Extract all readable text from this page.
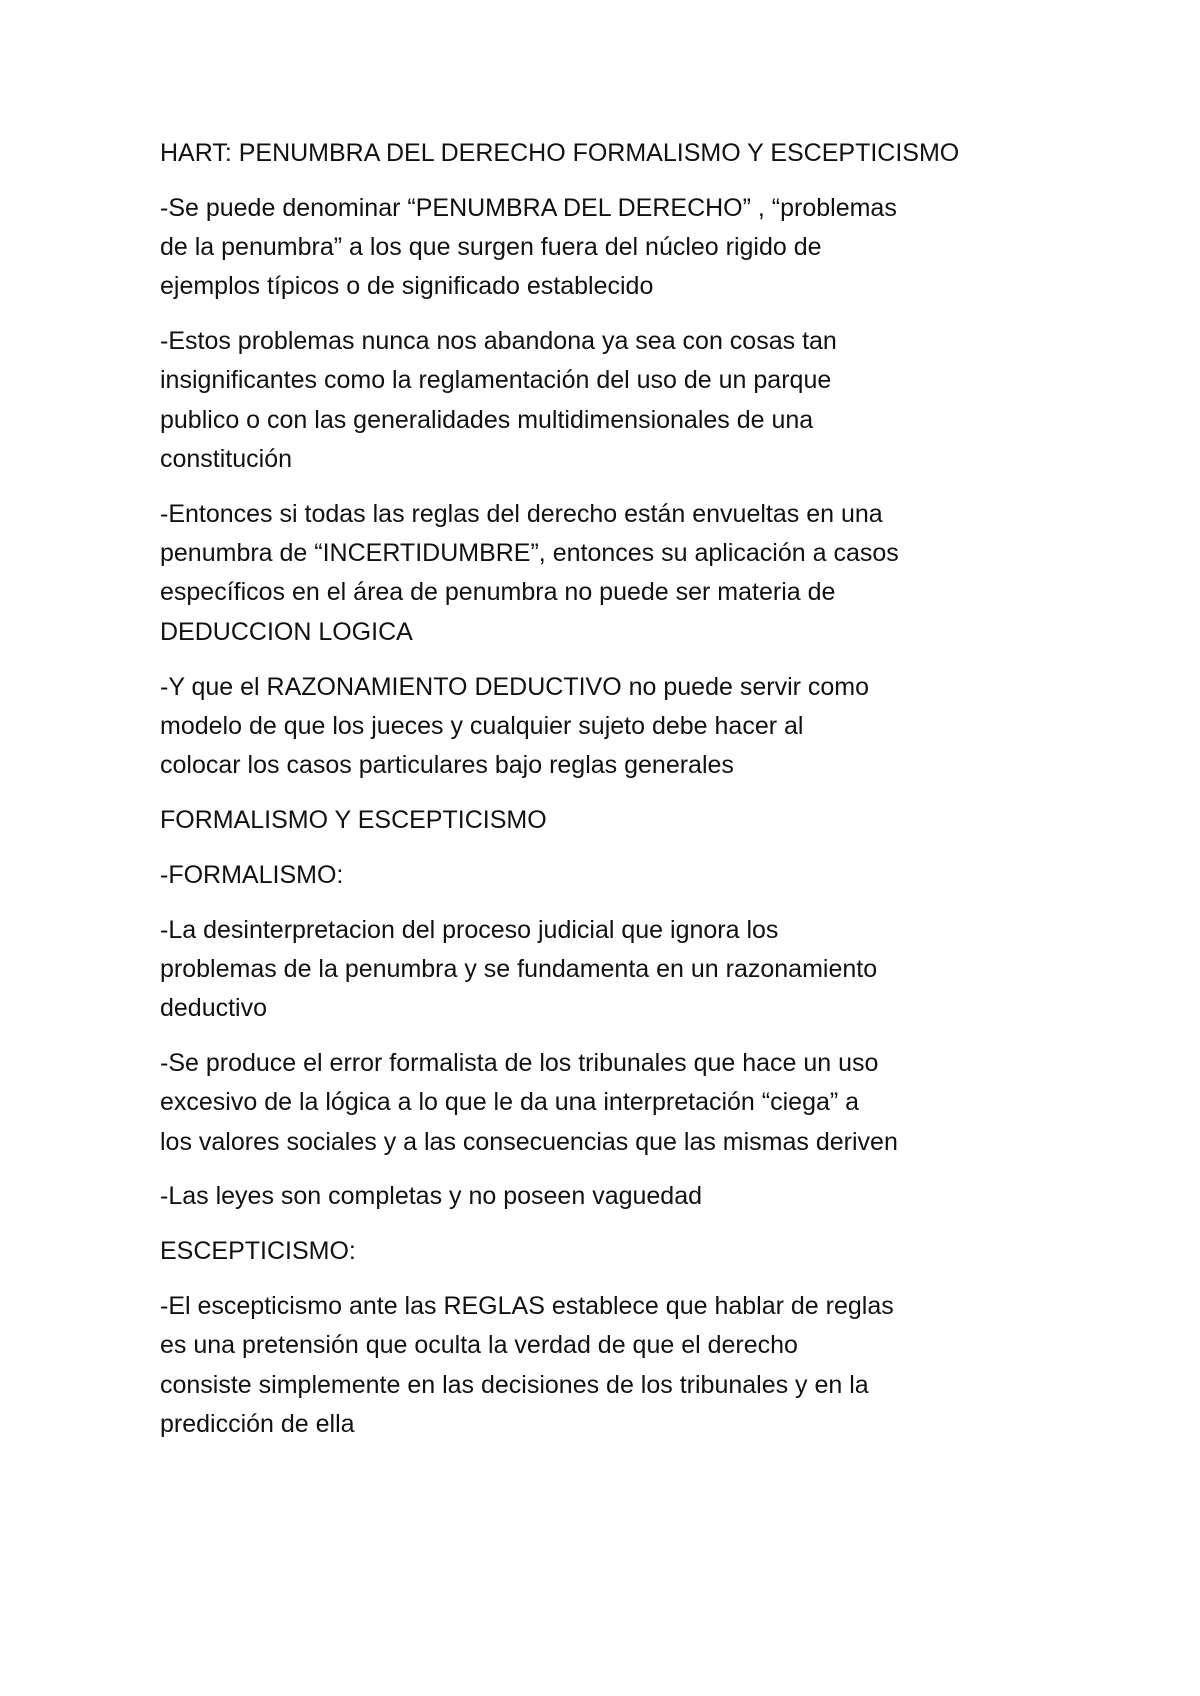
HART: PENUMBRA DEL DERECHO FORMALISMO Y ESCEPTICISMO

-Se puede denominar “PENUMBRA DEL DERECHO” , “problemas
de la penumbra” a los que surgen fuera del núcleo rigido de
ejemplos típicos o de significado establecido

-Estos problemas nunca nos abandona ya sea con cosas tan
insignificantes como la reglamentación del uso de un parque
publico o con las generalidades multidimensionales de una
constitución

-Entonces si todas las reglas del derecho están envueltas en una
penumbra de “INCERTIDUMBRE”, entonces su aplicación a casos
específicos en el área de penumbra no puede ser materia de
DEDUCCION LOGICA

-Y que el RAZONAMIENTO DEDUCTIVO no puede servir como
modelo de que los jueces y cualquier sujeto debe hacer al
colocar los casos particulares bajo reglas generales

FORMALISMO Y ESCEPTICISMO

-FORMALISMO:

-La desinterpretacion del proceso judicial que ignora los
problemas de la penumbra y se fundamenta en un razonamiento
deductivo

-Se produce el error formalista de los tribunales que hace un uso
excesivo de la lógica a lo que le da una interpretación “ciega” a
los valores sociales y a las consecuencias que las mismas deriven

-Las leyes son completas y no poseen vaguedad

ESCEPTICISMO:

-El escepticismo ante las REGLAS establece que hablar de reglas
es una pretensión que oculta la verdad de que el derecho
consiste simplemente en las decisiones de los tribunales y en la
predicción de ella
